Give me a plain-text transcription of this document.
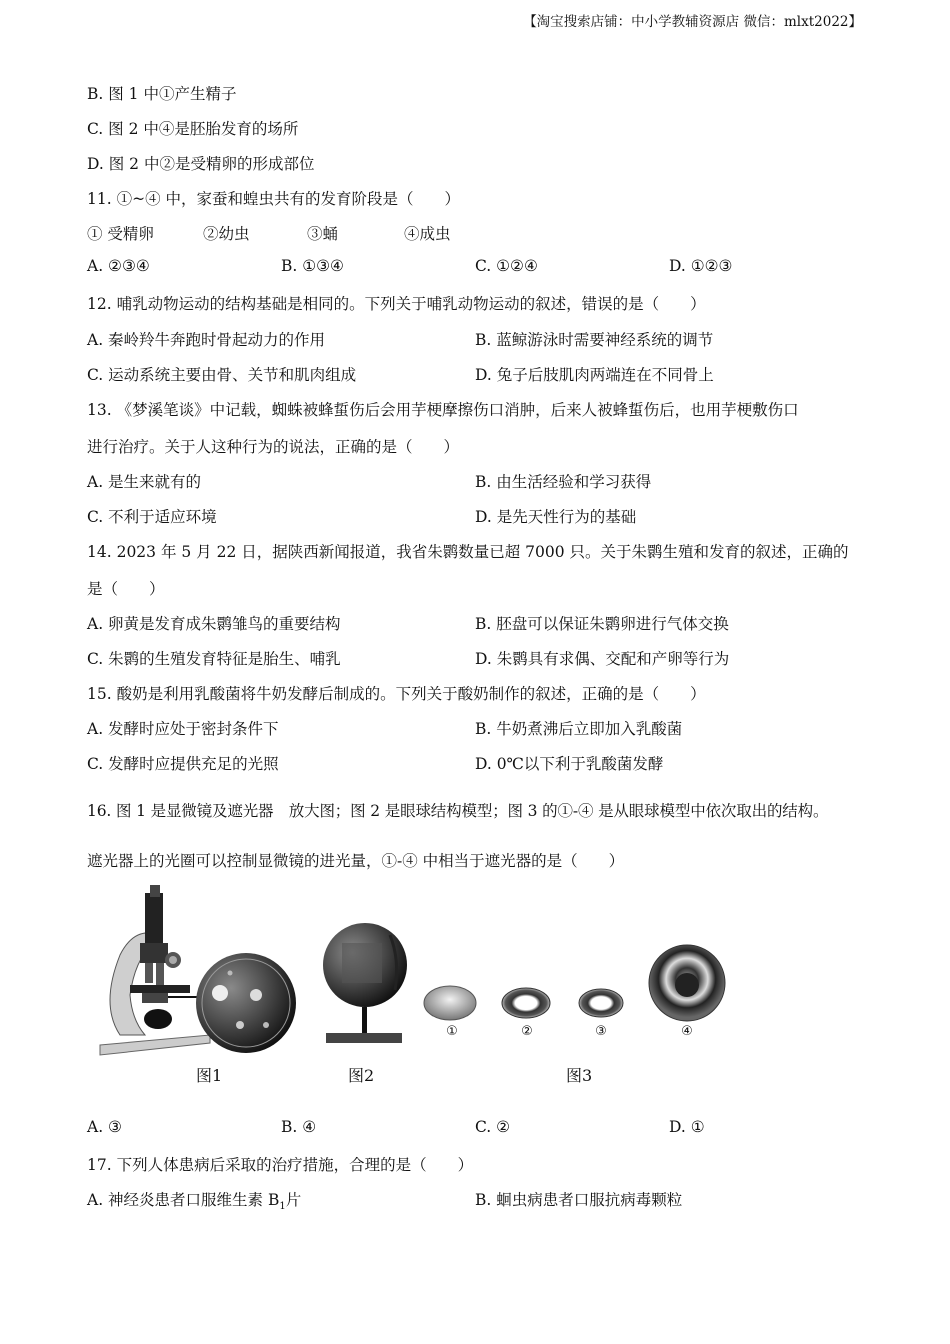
【淘宝搜索店铺：中小学教辅资源店 微信：mlxt2022】
B. 图 1 中①产生精子
C. 图 2 中④是胚胎发育的场所
D. 图 2 中②是受精卵的形成部位
11. ①~④ 中，家蚕和蝗虫共有的发育阶段是（　　）
① 受精卵	②幼虫	③蛹	④成虫
A. ②③④	B. ①③④	C. ①②④	D. ①②③
12. 哺乳动物运动的结构基础是相同的。下列关于哺乳动物运动的叙述，错误的是（　　）
A. 秦岭羚牛奔跑时骨起动力的作用	B. 蓝鲸游泳时需要神经系统的调节
C. 运动系统主要由骨、关节和肌肉组成	D. 兔子后肢肌肉两端连在不同骨上
13. 《梦溪笔谈》中记载，蜘蛛被蜂蜇伤后会用芋梗摩擦伤口消肿，后来人被蜂蜇伤后，也用芋梗敷伤口
进行治疗。关于人这种行为的说法，正确的是（　　）
A. 是生来就有的	B. 由生活经验和学习获得
C. 不利于适应环境	D. 是先天性行为的基础
14. 2023 年 5 月 22 日，据陕西新闻报道，我省朱鹮数量已超 7000 只。关于朱鹮生殖和发育的叙述，正确的
是（　　）
A. 卵黄是发育成朱鹮雏鸟的重要结构	B. 胚盘可以保证朱鹮卵进行气体交换
C. 朱鹮的生殖发育特征是胎生、哺乳	D. 朱鹮具有求偶、交配和产卵等行为
15. 酸奶是利用乳酸菌将牛奶发酵后制成的。下列关于酸奶制作的叙述，正确的是（　　）
A. 发酵时应处于密封条件下	B. 牛奶煮沸后立即加入乳酸菌
C. 发酵时应提供充足的光照	D. 0℃以下利于乳酸菌发酵
16. 图 1 是显微镜及遮光器　放大图；图 2 是眼球结构模型；图 3 的①-④ 是从眼球模型中依次取出的结构。
遮光器上的光圈可以控制显微镜的进光量，①-④ 中相当于遮光器的是（　　）
①	②	③	④
图1	图2	图3
A. ③	B. ④	C. ②	D. ①
17. 下列人体患病后采取的治疗措施，合理的是（　　）
A. 神经炎患者口服维生素 $B_1$片	B. 蛔虫病患者口服抗病毒颗粒
